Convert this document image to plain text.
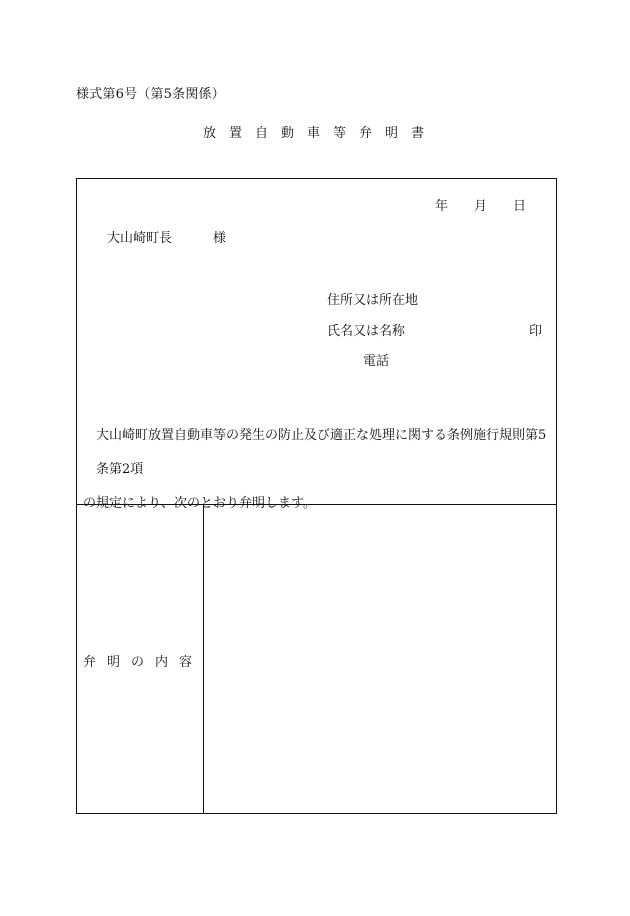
様式第6号（第5条関係）
放置自動車等弁明書
年 月 日
大山崎町長	様
住所又は所在地
氏名又は名称	印
電話
大山崎町放置自動車等の発生の防止及び適正な処理に関する条例施行規則第5条第2項
の規定により、次のとおり弁明します。
弁明の内容
